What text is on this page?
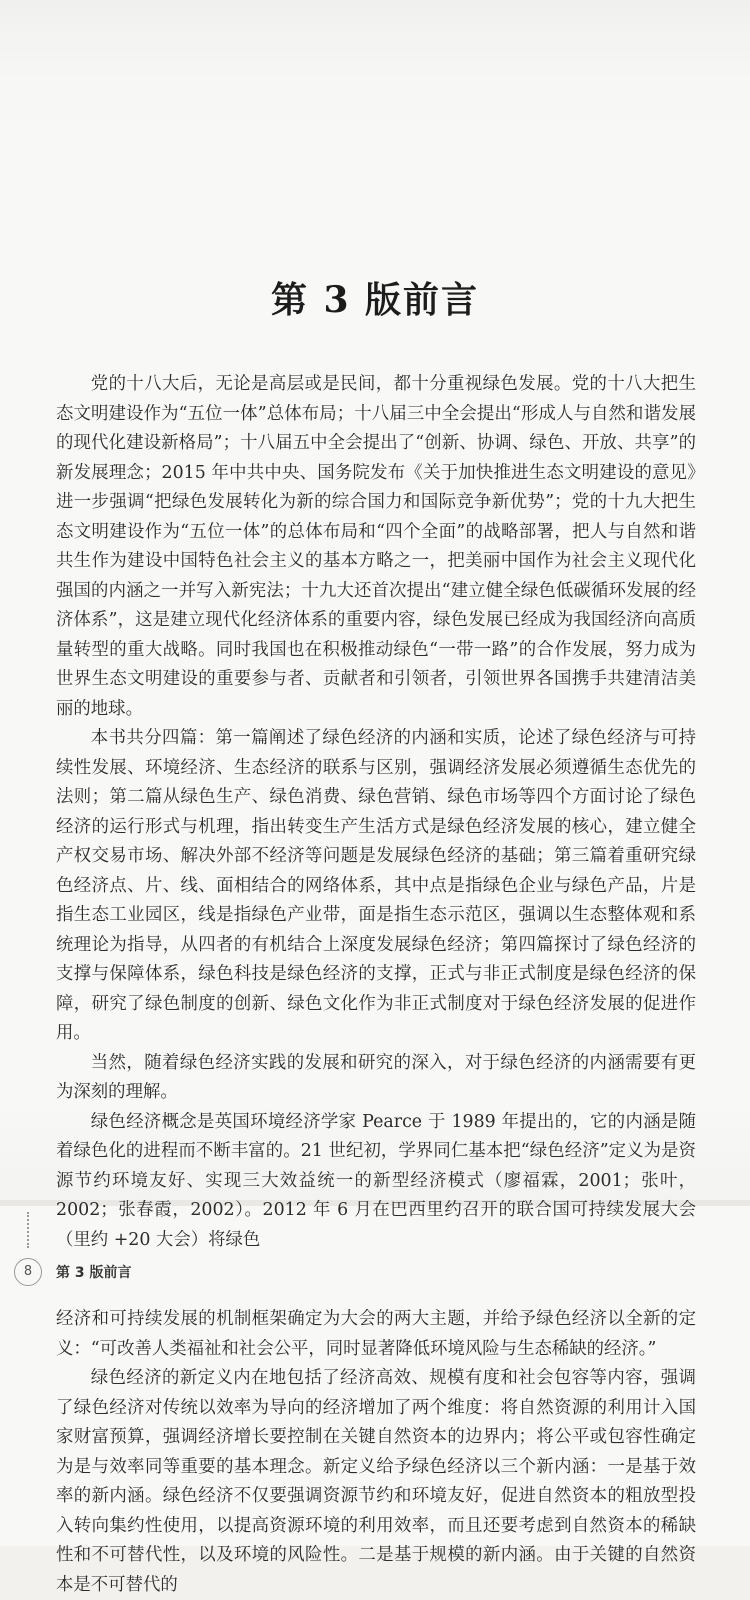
第 3 版前言

党的十八大后，无论是高层或是民间，都十分重视绿色发展。党的十八大把生态文明建设作为“五位一体”总体布局；十八届三中全会提出“形成人与自然和谐发展的现代化建设新格局”；十八届五中全会提出了“创新、协调、绿色、开放、共享”的新发展理念；2015 年中共中央、国务院发布《关于加快推进生态文明建设的意见》进一步强调“把绿色发展转化为新的综合国力和国际竞争新优势”；党的十九大把生态文明建设作为“五位一体”的总体布局和“四个全面”的战略部署，把人与自然和谐共生作为建设中国特色社会主义的基本方略之一，把美丽中国作为社会主义现代化强国的内涵之一并写入新宪法；十九大还首次提出“建立健全绿色低碳循环发展的经济体系”，这是建立现代化经济体系的重要内容，绿色发展已经成为我国经济向高质量转型的重大战略。同时我国也在积极推动绿色“一带一路”的合作发展，努力成为世界生态文明建设的重要参与者、贡献者和引领者，引领世界各国携手共建清洁美丽的地球。

本书共分四篇：第一篇阐述了绿色经济的内涵和实质，论述了绿色经济与可持续性发展、环境经济、生态经济的联系与区别，强调经济发展必须遵循生态优先的法则；第二篇从绿色生产、绿色消费、绿色营销、绿色市场等四个方面讨论了绿色经济的运行形式与机理，指出转变生产生活方式是绿色经济发展的核心，建立健全产权交易市场、解决外部不经济等问题是发展绿色经济的基础；第三篇着重研究绿色经济点、片、线、面相结合的网络体系，其中点是指绿色企业与绿色产品，片是指生态工业园区，线是指绿色产业带，面是指生态示范区，强调以生态整体观和系统理论为指导，从四者的有机结合上深度发展绿色经济；第四篇探讨了绿色经济的支撑与保障体系，绿色科技是绿色经济的支撑，正式与非正式制度是绿色经济的保障，研究了绿色制度的创新、绿色文化作为非正式制度对于绿色经济发展的促进作用。

当然，随着绿色经济实践的发展和研究的深入，对于绿色经济的内涵需要有更为深刻的理解。

绿色经济概念是英国环境经济学家 Pearce 于 1989 年提出的，它的内涵是随着绿色化的进程而不断丰富的。21 世纪初，学界同仁基本把“绿色经济”定义为是资源节约环境友好、实现三大效益统一的新型经济模式（廖福霖，2001；张叶，2002；张春霞，2002）。2012 年 6 月在巴西里约召开的联合国可持续发展大会（里约 +20 大会）将绿色

8	第 3 版前言

经济和可持续发展的机制框架确定为大会的两大主题，并给予绿色经济以全新的定义：“可改善人类福祉和社会公平，同时显著降低环境风险与生态稀缺的经济。”

绿色经济的新定义内在地包括了经济高效、规模有度和社会包容等内容，强调了绿色经济对传统以效率为导向的经济增加了两个维度：将自然资源的利用计入国家财富预算，强调经济增长要控制在关键自然资本的边界内；将公平或包容性确定为是与效率同等重要的基本理念。新定义给予绿色经济以三个新内涵：一是基于效率的新内涵。绿色经济不仅要强调资源节约和环境友好，促进自然资本的粗放型投入转向集约性使用，以提高资源环境的利用效率，而且还要考虑到自然资本的稀缺性和不可替代性，以及环境的风险性。二是基于规模的新内涵。由于关键的自然资本是不可替代的
